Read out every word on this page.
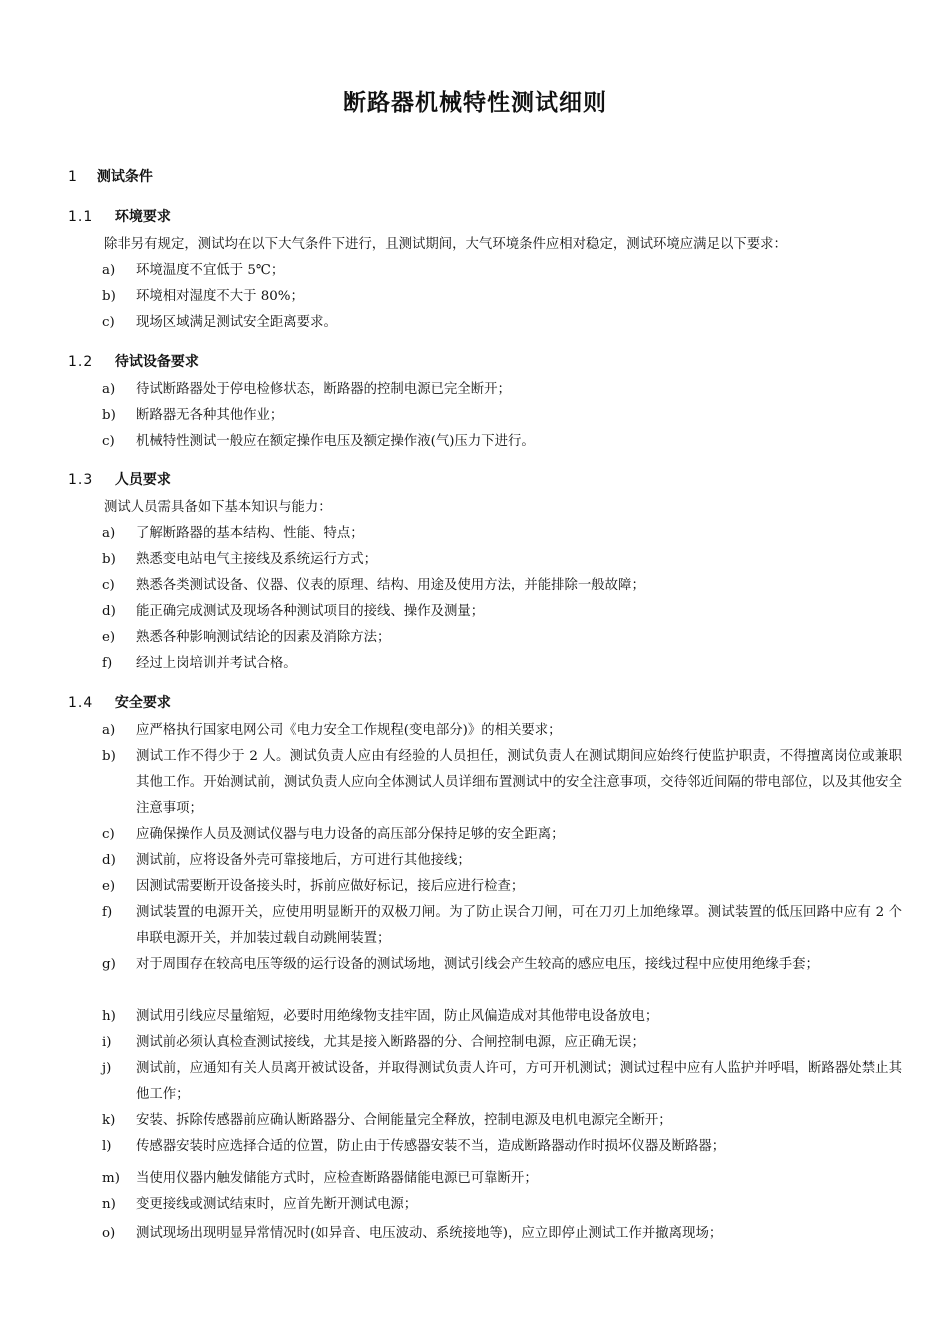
断路器机械特性测试细则
1 测试条件
1.1 环境要求
除非另有规定，测试均在以下大气条件下进行，且测试期间，大气环境条件应相对稳定，测试环境应满足以下要求：
a)	环境温度不宜低于 5℃；
b)	环境相对湿度不大于 80%；
c)	现场区域满足测试安全距离要求。
1.2 待试设备要求
a)	待试断路器处于停电检修状态，断路器的控制电源已完全断开；
b)	断路器无各种其他作业；
c)	机械特性测试一般应在额定操作电压及额定操作液(气)压力下进行。
1.3 人员要求
测试人员需具备如下基本知识与能力：
a)	了解断路器的基本结构、性能、特点；
b)	熟悉变电站电气主接线及系统运行方式；
c)	熟悉各类测试设备、仪器、仪表的原理、结构、用途及使用方法，并能排除一般故障；
d)	能正确完成测试及现场各种测试项目的接线、操作及测量；
e)	熟悉各种影响测试结论的因素及消除方法；
f)	经过上岗培训并考试合格。
1.4 安全要求
a)	应严格执行国家电网公司《电力安全工作规程(变电部分)》的相关要求；
b)	测试工作不得少于 2 人。测试负责人应由有经验的人员担任，测试负责人在测试期间应始终行使监护职责，不得擅离岗位或兼职其他工作。开始测试前，测试负责人应向全体测试人员详细布置测试中的安全注意事项，交待邻近间隔的带电部位，以及其他安全注意事项；
c)	应确保操作人员及测试仪器与电力设备的高压部分保持足够的安全距离；
d)	测试前，应将设备外壳可靠接地后，方可进行其他接线；
e)	因测试需要断开设备接头时，拆前应做好标记，接后应进行检查；
f)	测试装置的电源开关，应使用明显断开的双极刀闸。为了防止误合刀闸，可在刀刃上加绝缘罩。测试装置的低压回路中应有 2 个串联电源开关，并加装过载自动跳闸装置；
g)	对于周围存在较高电压等级的运行设备的测试场地，测试引线会产生较高的感应电压，接线过程中应使用绝缘手套；
h)	测试用引线应尽量缩短，必要时用绝缘物支挂牢固，防止风偏造成对其他带电设备放电；
i)	测试前必须认真检查测试接线，尤其是接入断路器的分、合闸控制电源，应正确无误；
j)	测试前，应通知有关人员离开被试设备，并取得测试负责人许可，方可开机测试；测试过程中应有人监护并呼唱，断路器处禁止其他工作；
k)	安装、拆除传感器前应确认断路器分、合闸能量完全释放，控制电源及电机电源完全断开；
l)	传感器安装时应选择合适的位置，防止由于传感器安装不当，造成断路器动作时损坏仪器及断路器；
m)	当使用仪器内触发储能方式时，应检查断路器储能电源已可靠断开；
n)	变更接线或测试结束时，应首先断开测试电源；
o)	测试现场出现明显异常情况时(如异音、电压波动、系统接地等)，应立即停止测试工作并撤离现场；
